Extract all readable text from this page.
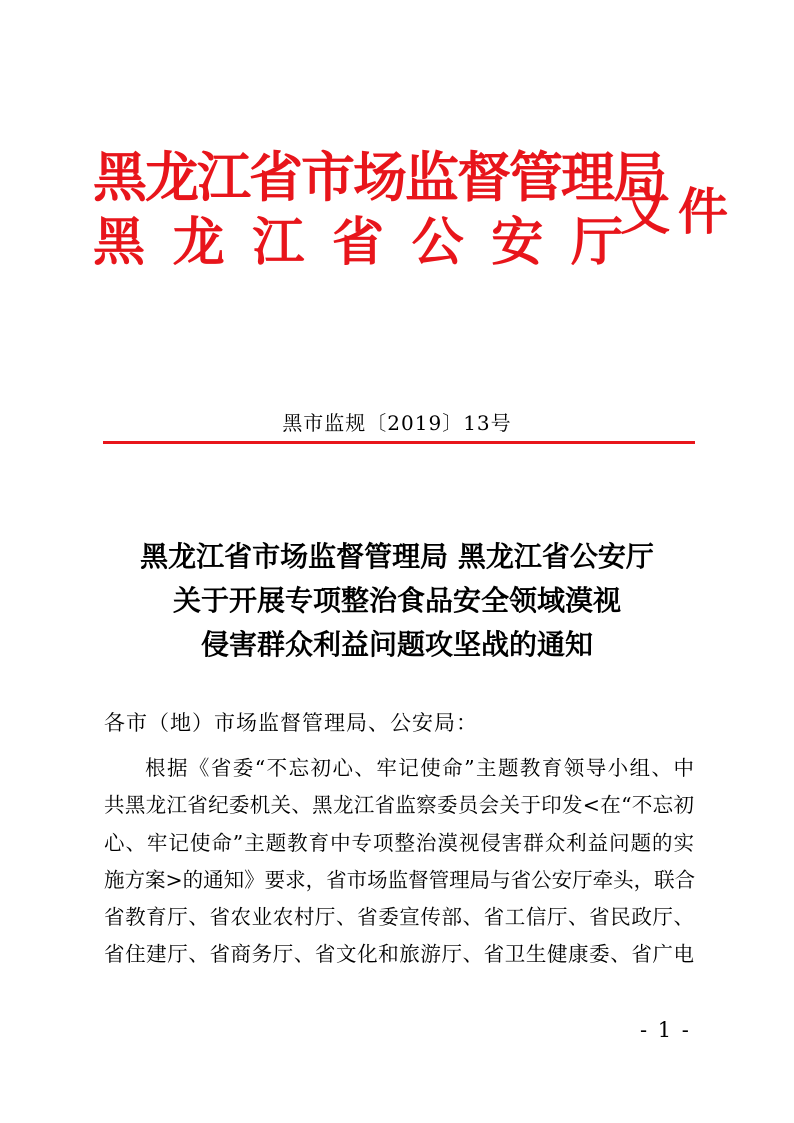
黑龙江省市场监督管理局
黑 龙 江 省 公 安 厅
文件
黑市监规〔2019〕13号
黑龙江省市场监督管理局 黑龙江省公安厅
关于开展专项整治食品安全领域漠视
侵害群众利益问题攻坚战的通知
各市（地）市场监督管理局、公安局：
根据《省委“不忘初心、牢记使命”主题教育领导小组、中
共黑龙江省纪委机关、黑龙江省监察委员会关于印发<在“不忘初
心、牢记使命”主题教育中专项整治漠视侵害群众利益问题的实
施方案>的通知》要求，省市场监督管理局与省公安厅牵头，联合
省教育厅、省农业农村厅、省委宣传部、省工信厅、省民政厅、
省住建厅、省商务厅、省文化和旅游厅、省卫生健康委、省广电
- 1 -
